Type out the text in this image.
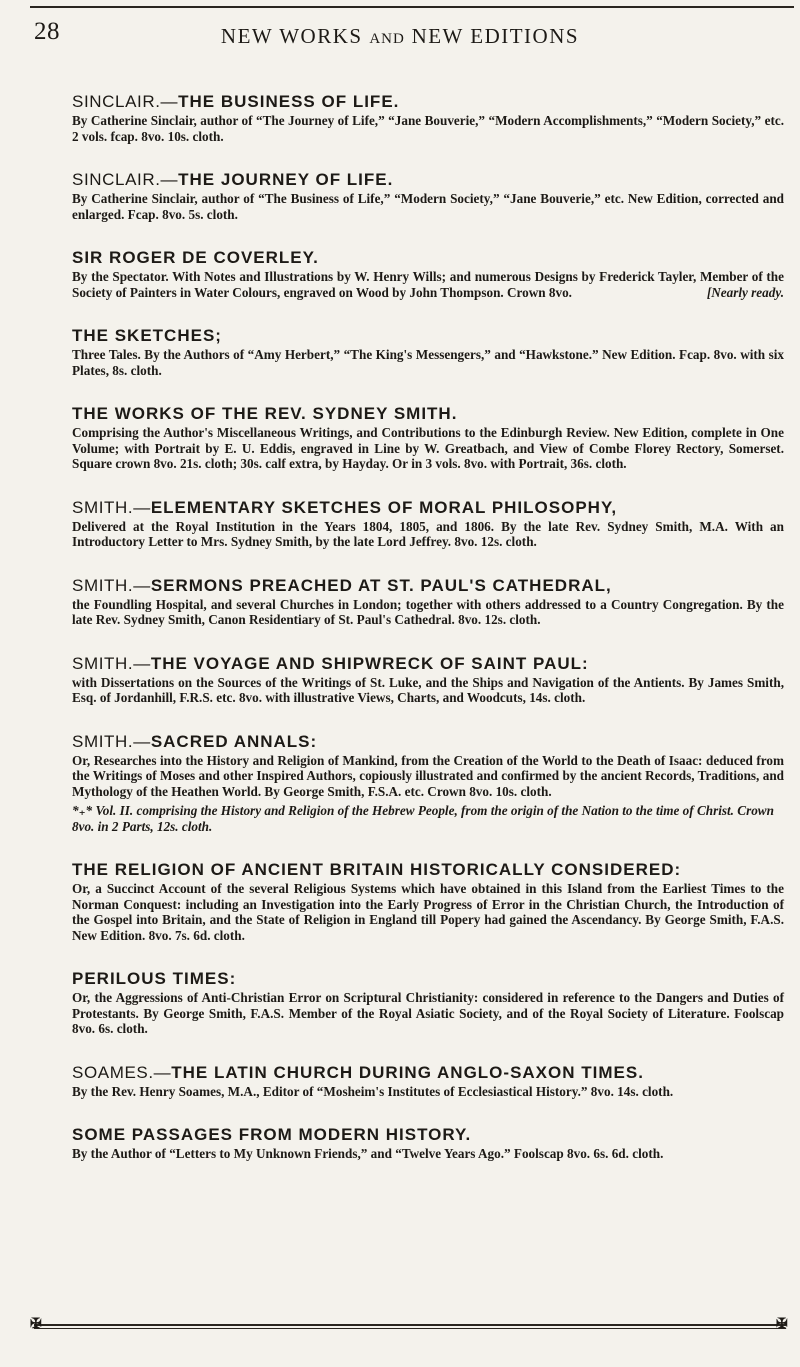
28	NEW WORKS AND NEW EDITIONS

SINCLAIR.—THE BUSINESS OF LIFE.

By Catherine Sinclair, author of “The Journey of Life,” “Jane Bouverie,” “Modern Accomplishments,” “Modern Society,” etc. 2 vols. fcap. 8vo. 10s. cloth.

SINCLAIR.—THE JOURNEY OF LIFE.

By Catherine Sinclair, author of “The Business of Life,” “Modern Society,” “Jane Bouverie,” etc. New Edition, corrected and enlarged. Fcap. 8vo. 5s. cloth.

SIR ROGER DE COVERLEY.

By the Spectator. With Notes and Illustrations by W. Henry Wills; and numerous Designs by Frederick Tayler, Member of the Society of Painters in Water Colours, engraved on Wood by John Thompson. Crown 8vo.	[Nearly ready.

THE SKETCHES;

Three Tales. By the Authors of “Amy Herbert,” “The King's Messengers,” and “Hawkstone.” New Edition. Fcap. 8vo. with six Plates, 8s. cloth.

THE WORKS OF THE REV. SYDNEY SMITH.

Comprising the Author's Miscellaneous Writings, and Contributions to the Edinburgh Review. New Edition, complete in One Volume; with Portrait by E. U. Eddis, engraved in Line by W. Greatbach, and View of Combe Florey Rectory, Somerset. Square crown 8vo. 21s. cloth; 30s. calf extra, by Hayday. Or in 3 vols. 8vo. with Portrait, 36s. cloth.

SMITH.—ELEMENTARY SKETCHES OF MORAL PHILOSOPHY,

Delivered at the Royal Institution in the Years 1804, 1805, and 1806. By the late Rev. Sydney Smith, M.A. With an Introductory Letter to Mrs. Sydney Smith, by the late Lord Jeffrey. 8vo. 12s. cloth.

SMITH.—SERMONS PREACHED AT ST. PAUL'S CATHEDRAL,

the Foundling Hospital, and several Churches in London; together with others addressed to a Country Congregation. By the late Rev. Sydney Smith, Canon Residentiary of St. Paul's Cathedral. 8vo. 12s. cloth.

SMITH.—THE VOYAGE AND SHIPWRECK OF SAINT PAUL:

with Dissertations on the Sources of the Writings of St. Luke, and the Ships and Navigation of the Antients. By James Smith, Esq. of Jordanhill, F.R.S. etc. 8vo. with illustrative Views, Charts, and Woodcuts, 14s. cloth.

SMITH.—SACRED ANNALS:

Or, Researches into the History and Religion of Mankind, from the Creation of the World to the Death of Isaac: deduced from the Writings of Moses and other Inspired Authors, copiously illustrated and confirmed by the ancient Records, Traditions, and Mythology of the Heathen World. By George Smith, F.S.A. etc. Crown 8vo. 10s. cloth.

*₊* Vol. II. comprising the History and Religion of the Hebrew People, from the origin of the Nation to the time of Christ. Crown 8vo. in 2 Parts, 12s. cloth.

THE RELIGION OF ANCIENT BRITAIN HISTORICALLY CONSIDERED:

Or, a Succinct Account of the several Religious Systems which have obtained in this Island from the Earliest Times to the Norman Conquest: including an Investigation into the Early Progress of Error in the Christian Church, the Introduction of the Gospel into Britain, and the State of Religion in England till Popery had gained the Ascendancy. By George Smith, F.A.S. New Edition. 8vo. 7s. 6d. cloth.

PERILOUS TIMES:

Or, the Aggressions of Anti-Christian Error on Scriptural Christianity: considered in reference to the Dangers and Duties of Protestants. By George Smith, F.A.S. Member of the Royal Asiatic Society, and of the Royal Society of Literature. Foolscap 8vo. 6s. cloth.

SOAMES.—THE LATIN CHURCH DURING ANGLO-SAXON TIMES.

By the Rev. Henry Soames, M.A., Editor of “Mosheim's Institutes of Ecclesiastical History.” 8vo. 14s. cloth.

SOME PASSAGES FROM MODERN HISTORY.

By the Author of “Letters to My Unknown Friends,” and “Twelve Years Ago.” Foolscap 8vo. 6s. 6d. cloth.

✠	✠
